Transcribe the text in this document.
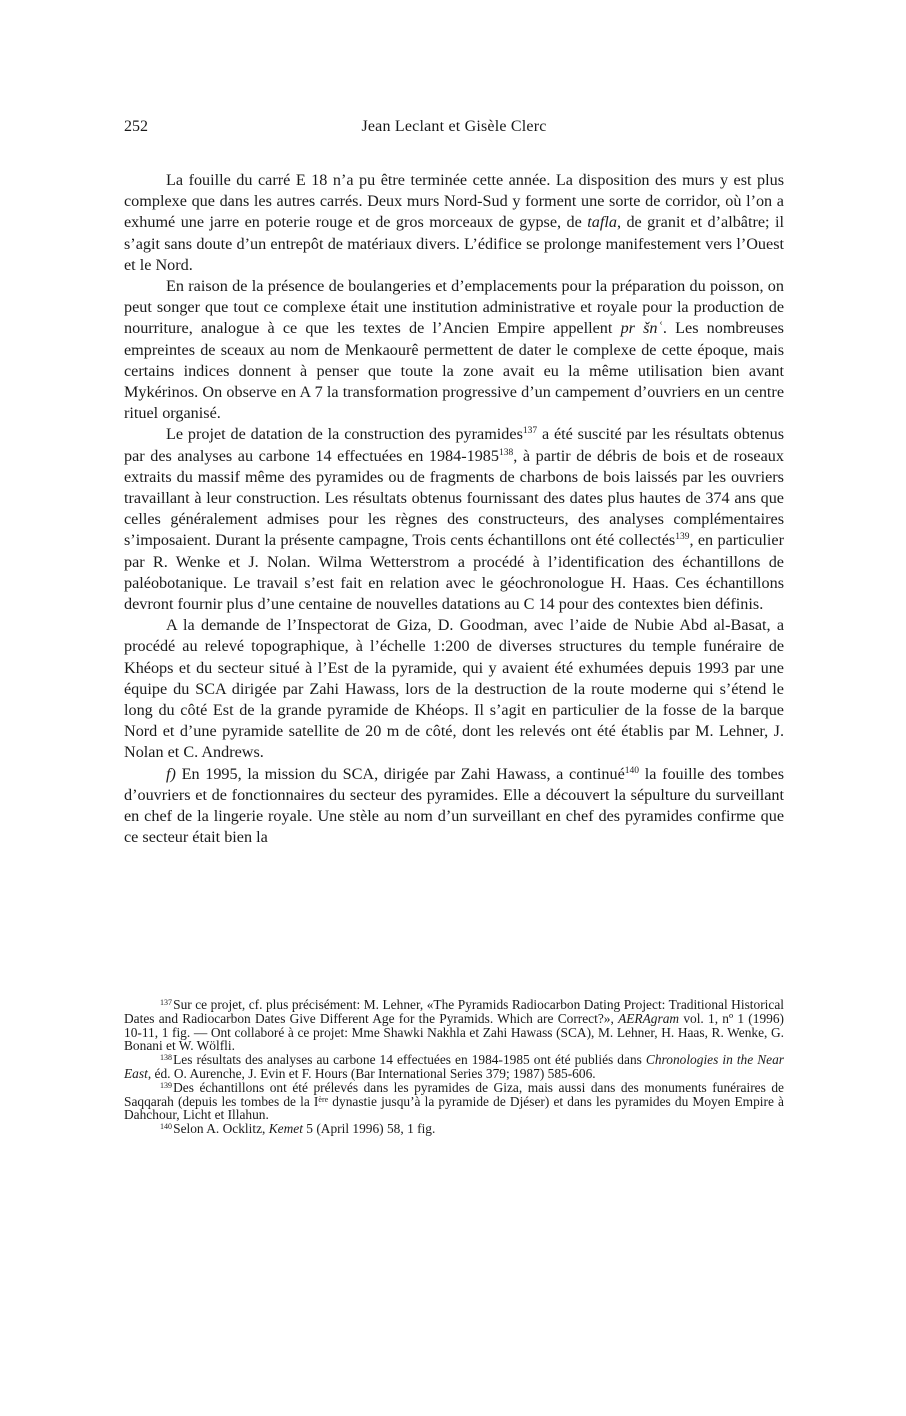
252	Jean Leclant et Gisèle Clerc

La fouille du carré E 18 n’a pu être terminée cette année. La disposition des murs y est plus complexe que dans les autres carrés. Deux murs Nord-Sud y forment une sorte de corridor, où l’on a exhumé une jarre en poterie rouge et de gros morceaux de gypse, de tafla, de granit et d’albâtre; il s’agit sans doute d’un entrepôt de matériaux divers. L’édifice se prolonge manifestement vers l’Ouest et le Nord.

En raison de la présence de boulangeries et d’emplacements pour la préparation du poisson, on peut songer que tout ce complexe était une institution administrative et royale pour la production de nourriture, analogue à ce que les textes de l’Ancien Empire appellent pr šnʿ. Les nombreuses empreintes de sceaux au nom de Menkaourê permettent de dater le complexe de cette époque, mais certains indices donnent à penser que toute la zone avait eu la même utilisation bien avant Mykérinos. On observe en A 7 la transformation progressive d’un campement d’ouvriers en un centre rituel organisé.

Le projet de datation de la construction des pyramides$^{137}$ a été suscité par les résultats obtenus par des analyses au carbone 14 effectuées en 1984-1985$^{138}$, à partir de débris de bois et de roseaux extraits du massif même des pyramides ou de fragments de charbons de bois laissés par les ouvriers travaillant à leur construction. Les résultats obtenus fournissant des dates plus hautes de 374 ans que celles généralement admises pour les règnes des constructeurs, des analyses complémentaires s’imposaient. Durant la présente campagne, Trois cents échantillons ont été collectés$^{139}$, en particulier par R. Wenke et J. Nolan. Wilma Wetterstrom a procédé à l’identification des échantillons de paléobotanique. Le travail s’est fait en relation avec le géochronologue H. Haas. Ces échantillons devront fournir plus d’une centaine de nouvelles datations au C 14 pour des contextes bien définis.

A la demande de l’Inspectorat de Giza, D. Goodman, avec l’aide de Nubie Abd al-Basat, a procédé au relevé topographique, à l’échelle 1:200 de diverses structures du temple funéraire de Khéops et du secteur situé à l’Est de la pyramide, qui y avaient été exhumées depuis 1993 par une équipe du SCA dirigée par Zahi Hawass, lors de la destruction de la route moderne qui s’étend le long du côté Est de la grande pyramide de Khéops. Il s’agit en particulier de la fosse de la barque Nord et d’une pyramide satellite de 20 m de côté, dont les relevés ont été établis par M. Lehner, J. Nolan et C. Andrews.

f) En 1995, la mission du SCA, dirigée par Zahi Hawass, a continué$^{140}$ la fouille des tombes d’ouvriers et de fonctionnaires du secteur des pyramides. Elle a découvert la sépulture du surveillant en chef de la lingerie royale. Une stèle au nom d’un surveillant en chef des pyramides confirme que ce secteur était bien la

$^{137}$ Sur ce projet, cf. plus précisément: M. Lehner, «The Pyramids Radiocarbon Dating Project: Traditional Historical Dates and Radiocarbon Dates Give Different Age for the Pyramids. Which are Correct?», AERAgram vol. 1, nº 1 (1996) 10-11, 1 fig. — Ont collaboré à ce projet: Mme Shawki Nakhla et Zahi Hawass (SCA), M. Lehner, H. Haas, R. Wenke, G. Bonani et W. Wölfli.

$^{138}$ Les résultats des analyses au carbone 14 effectuées en 1984-1985 ont été publiés dans Chronologies in the Near East, éd. O. Aurenche, J. Evin et F. Hours (Bar International Series 379; 1987) 585-606.

$^{139}$ Des échantillons ont été prélevés dans les pyramides de Giza, mais aussi dans des monuments funéraires de Saqqarah (depuis les tombes de la Ière dynastie jusqu’à la pyramide de Djéser) et dans les pyramides du Moyen Empire à Dahchour, Licht et Illahun.

$^{140}$ Selon A. Ocklitz, Kemet 5 (April 1996) 58, 1 fig.
